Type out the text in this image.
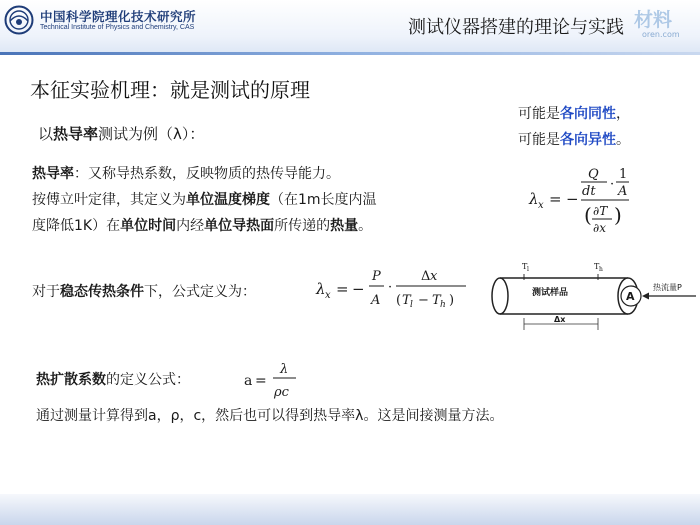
中国科学院理化技术研究所
Technical Institute of Physics and Chemistry, CAS	测试仪器搭建的理论与实践 材料
oren.com
本征实验机理：就是测试的原理
以热导率测试为例（λ）：
可能是各向同性，
可能是各向异性。
热导率：又称导热系数，反映物质的热传导能力。
按傅立叶定律，其定义为单位温度梯度（在1m长度内温
度降低1K）在单位时间内经单位导热面所传递的热量。
λ x = −
Q
dt ·
1
A
( ∂T
∂x
)
对于稳态传热条件下，公式定义为：	λ x = −
P
A
·
Δ x
( T l − T h )
T l	T h
测试样品	A
热流量P
Δx
热扩散系数的定义公式：	a =
λ
ρc
通过测量计算得到a，ρ，c，然后也可以得到热导率λ。这是间接测量方法。
